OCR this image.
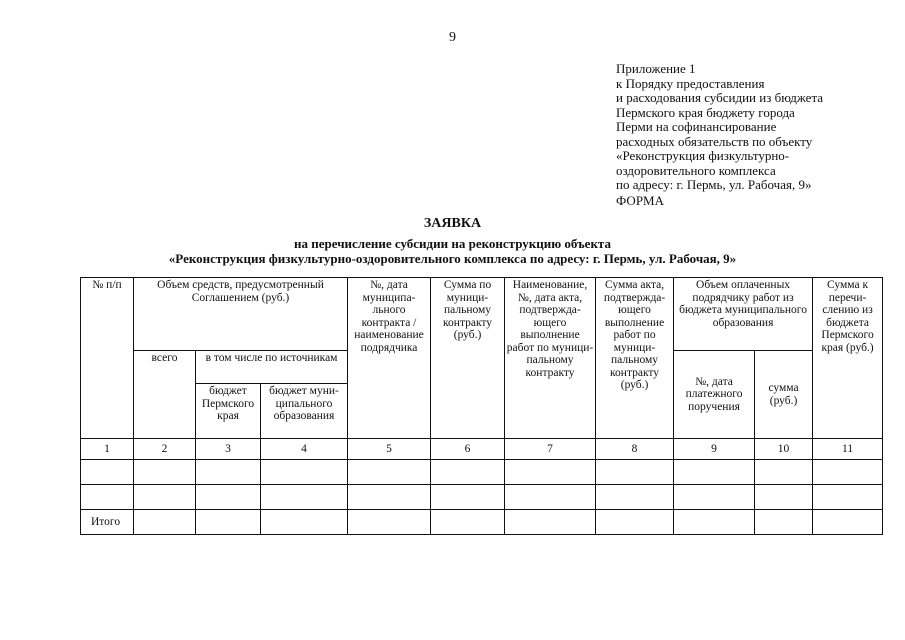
9
Приложение 1
к Порядку предоставления
и расходования субсидии из бюджета
Пермского края бюджету города
Перми на софинансирование
расходных обязательств по объекту
«Реконструкция физкультурно-
оздоровительного комплекса
по адресу: г. Пермь, ул. Рабочая, 9»
ФОРМА
ЗАЯВКА
на перечисление субсидии на реконструкцию объекта
«Реконструкция физкультурно-оздоровительного комплекса по адресу: г. Пермь, ул. Рабочая, 9»
№ п/п	Объем средств, предусмотренный Соглашением (руб.)			№, дата муниципа-льного контракта / наименование подрядчика	Сумма по муници-пальному контракту (руб.)	Наименование, №, дата акта, подтвержда-ющего выполнение работ по муници-пальному контракту	Сумма акта, подтвержда-ющего выполнение работ по муници-пальному контракту (руб.)	Объем оплаченных подрядчику работ из бюджета муниципального образования		Сумма к перечи-слению из бюджета Пермского края (руб.)
	всего	в том числе по источникам						№, дата платежного поручения	сумма (руб.)	
		бюджет Пермского края	бюджет муни-ципального образования							
1	2	3	4	5	6	7	8	9	10	11

Итого										
